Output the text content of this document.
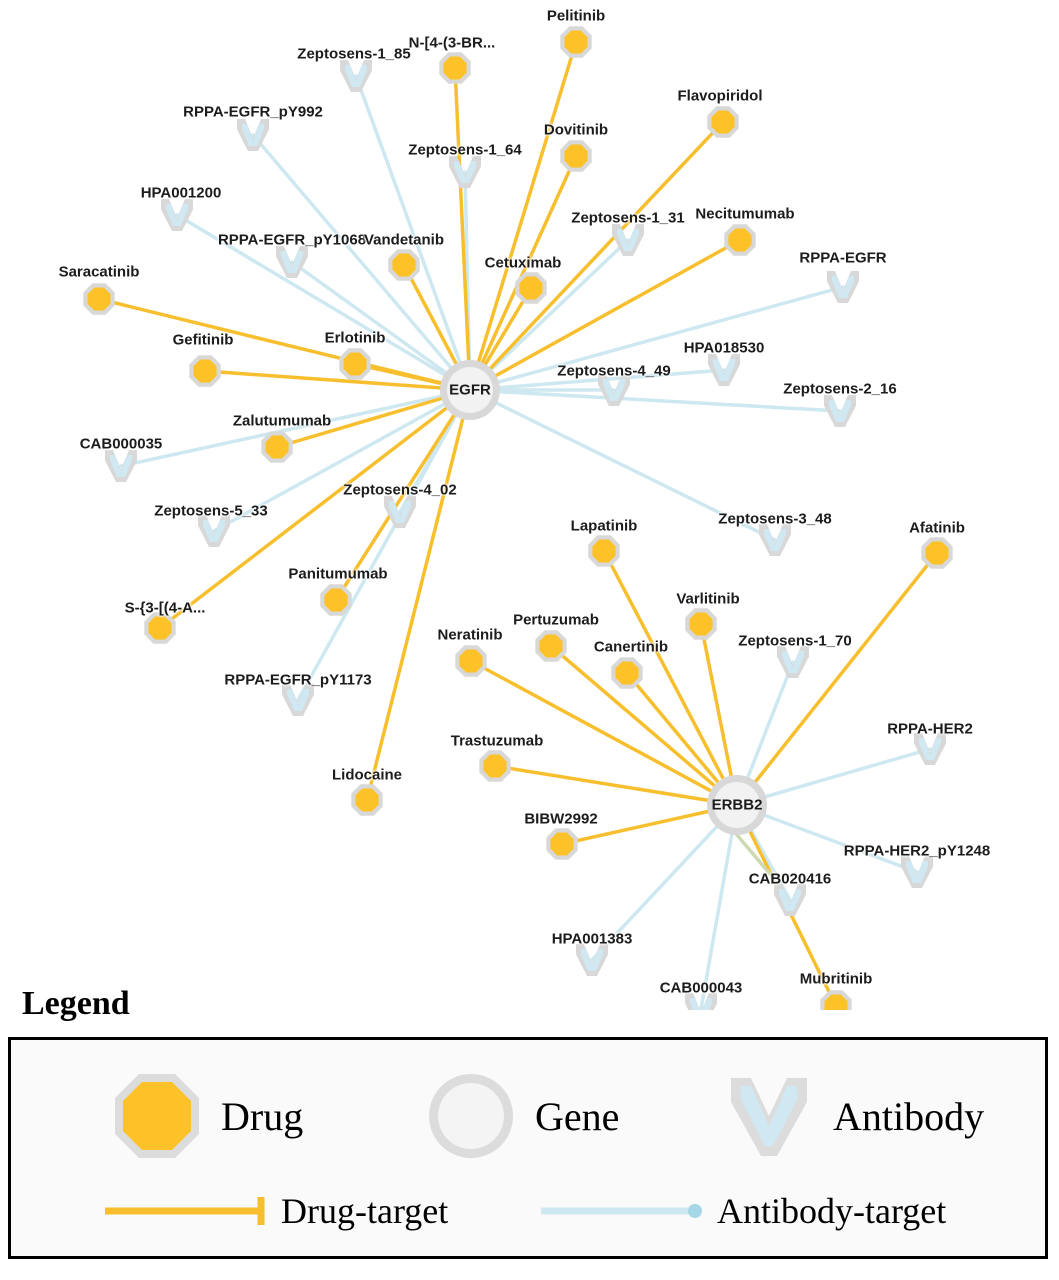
Zeptosens-1_85
RPPA-EGFR_pY992
Zeptosens-1_64
HPA001200
Zeptosens-1_31
RPPA-EGFR_pY1068
RPPA-EGFR
HPA018530
Zeptosens-4_49
Zeptosens-2_16
CAB000035
Zeptosens-4_02
Zeptosens-5_33	Zeptosens-3_48
Zeptosens-1_70
RPPA-EGFR_pY1173
RPPA-HER2
RPPA-HER2_pY1248
CAB020416
HPA001383
CAB000043
Pelitinib
N-[4-(3-BR...
Flavopiridol
Dovitinib
Necitumumab
Vandetanib
Cetuximab
Saracatinib
Erlotinib
Gefitinib
Zalutumumab
Afatinib
Lapatinib
Varlitinib
Panitumumab
S-{3-[(4-A...
Canertinib
Pertuzumab
Neratinib
Trastuzumab
Lidocaine
BIBW2992
Mubritinib
EGFR
ERBB2
Legend
Drug	Gene	Antibody
Drug-target	Antibody-target
